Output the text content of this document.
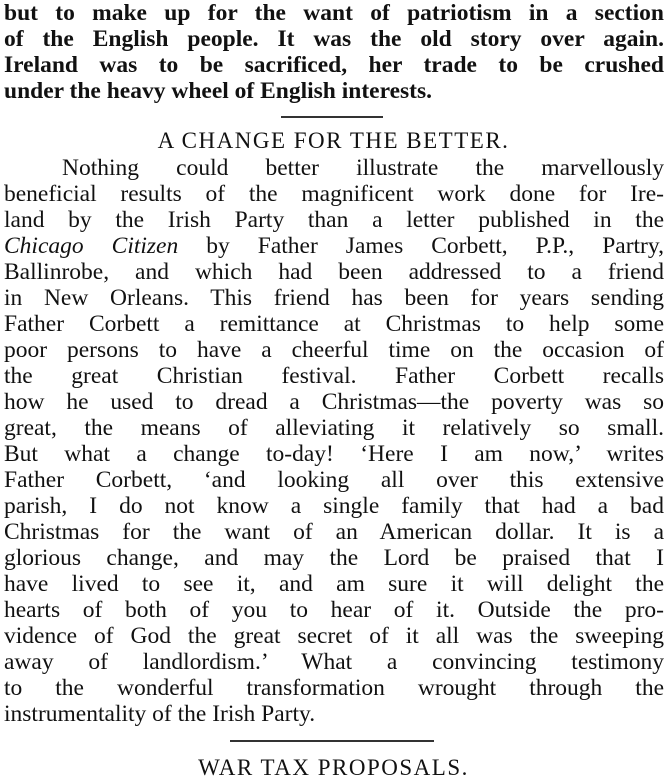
but to make up for the want of patriotism in a section
of the English people. It was the old story over again.
Ireland was to be sacrificed, her trade to be crushed
under the heavy wheel of English interests.
A CHANGE FOR THE BETTER.
Nothing could better illustrate the marvellously
beneficial results of the magnificent work done for Ire-
land by the Irish Party than a letter published in the
Chicago Citizen by Father James Corbett, P.P., Partry,
Ballinrobe, and which had been addressed to a friend
in New Orleans. This friend has been for years sending
Father Corbett a remittance at Christmas to help some
poor persons to have a cheerful time on the occasion of
the great Christian festival. Father Corbett recalls
how he used to dread a Christmas—the poverty was so
great, the means of alleviating it relatively so small.
But what a change to-day! ‘Here I am now,’ writes
Father Corbett, ‘and looking all over this extensive
parish, I do not know a single family that had a bad
Christmas for the want of an American dollar. It is a
glorious change, and may the Lord be praised that I
have lived to see it, and am sure it will delight the
hearts of both of you to hear of it. Outside the pro-
vidence of God the great secret of it all was the sweeping
away of landlordism.’ What a convincing testimony
to the wonderful transformation wrought through the
instrumentality of the Irish Party.
WAR TAX PROPOSALS.
